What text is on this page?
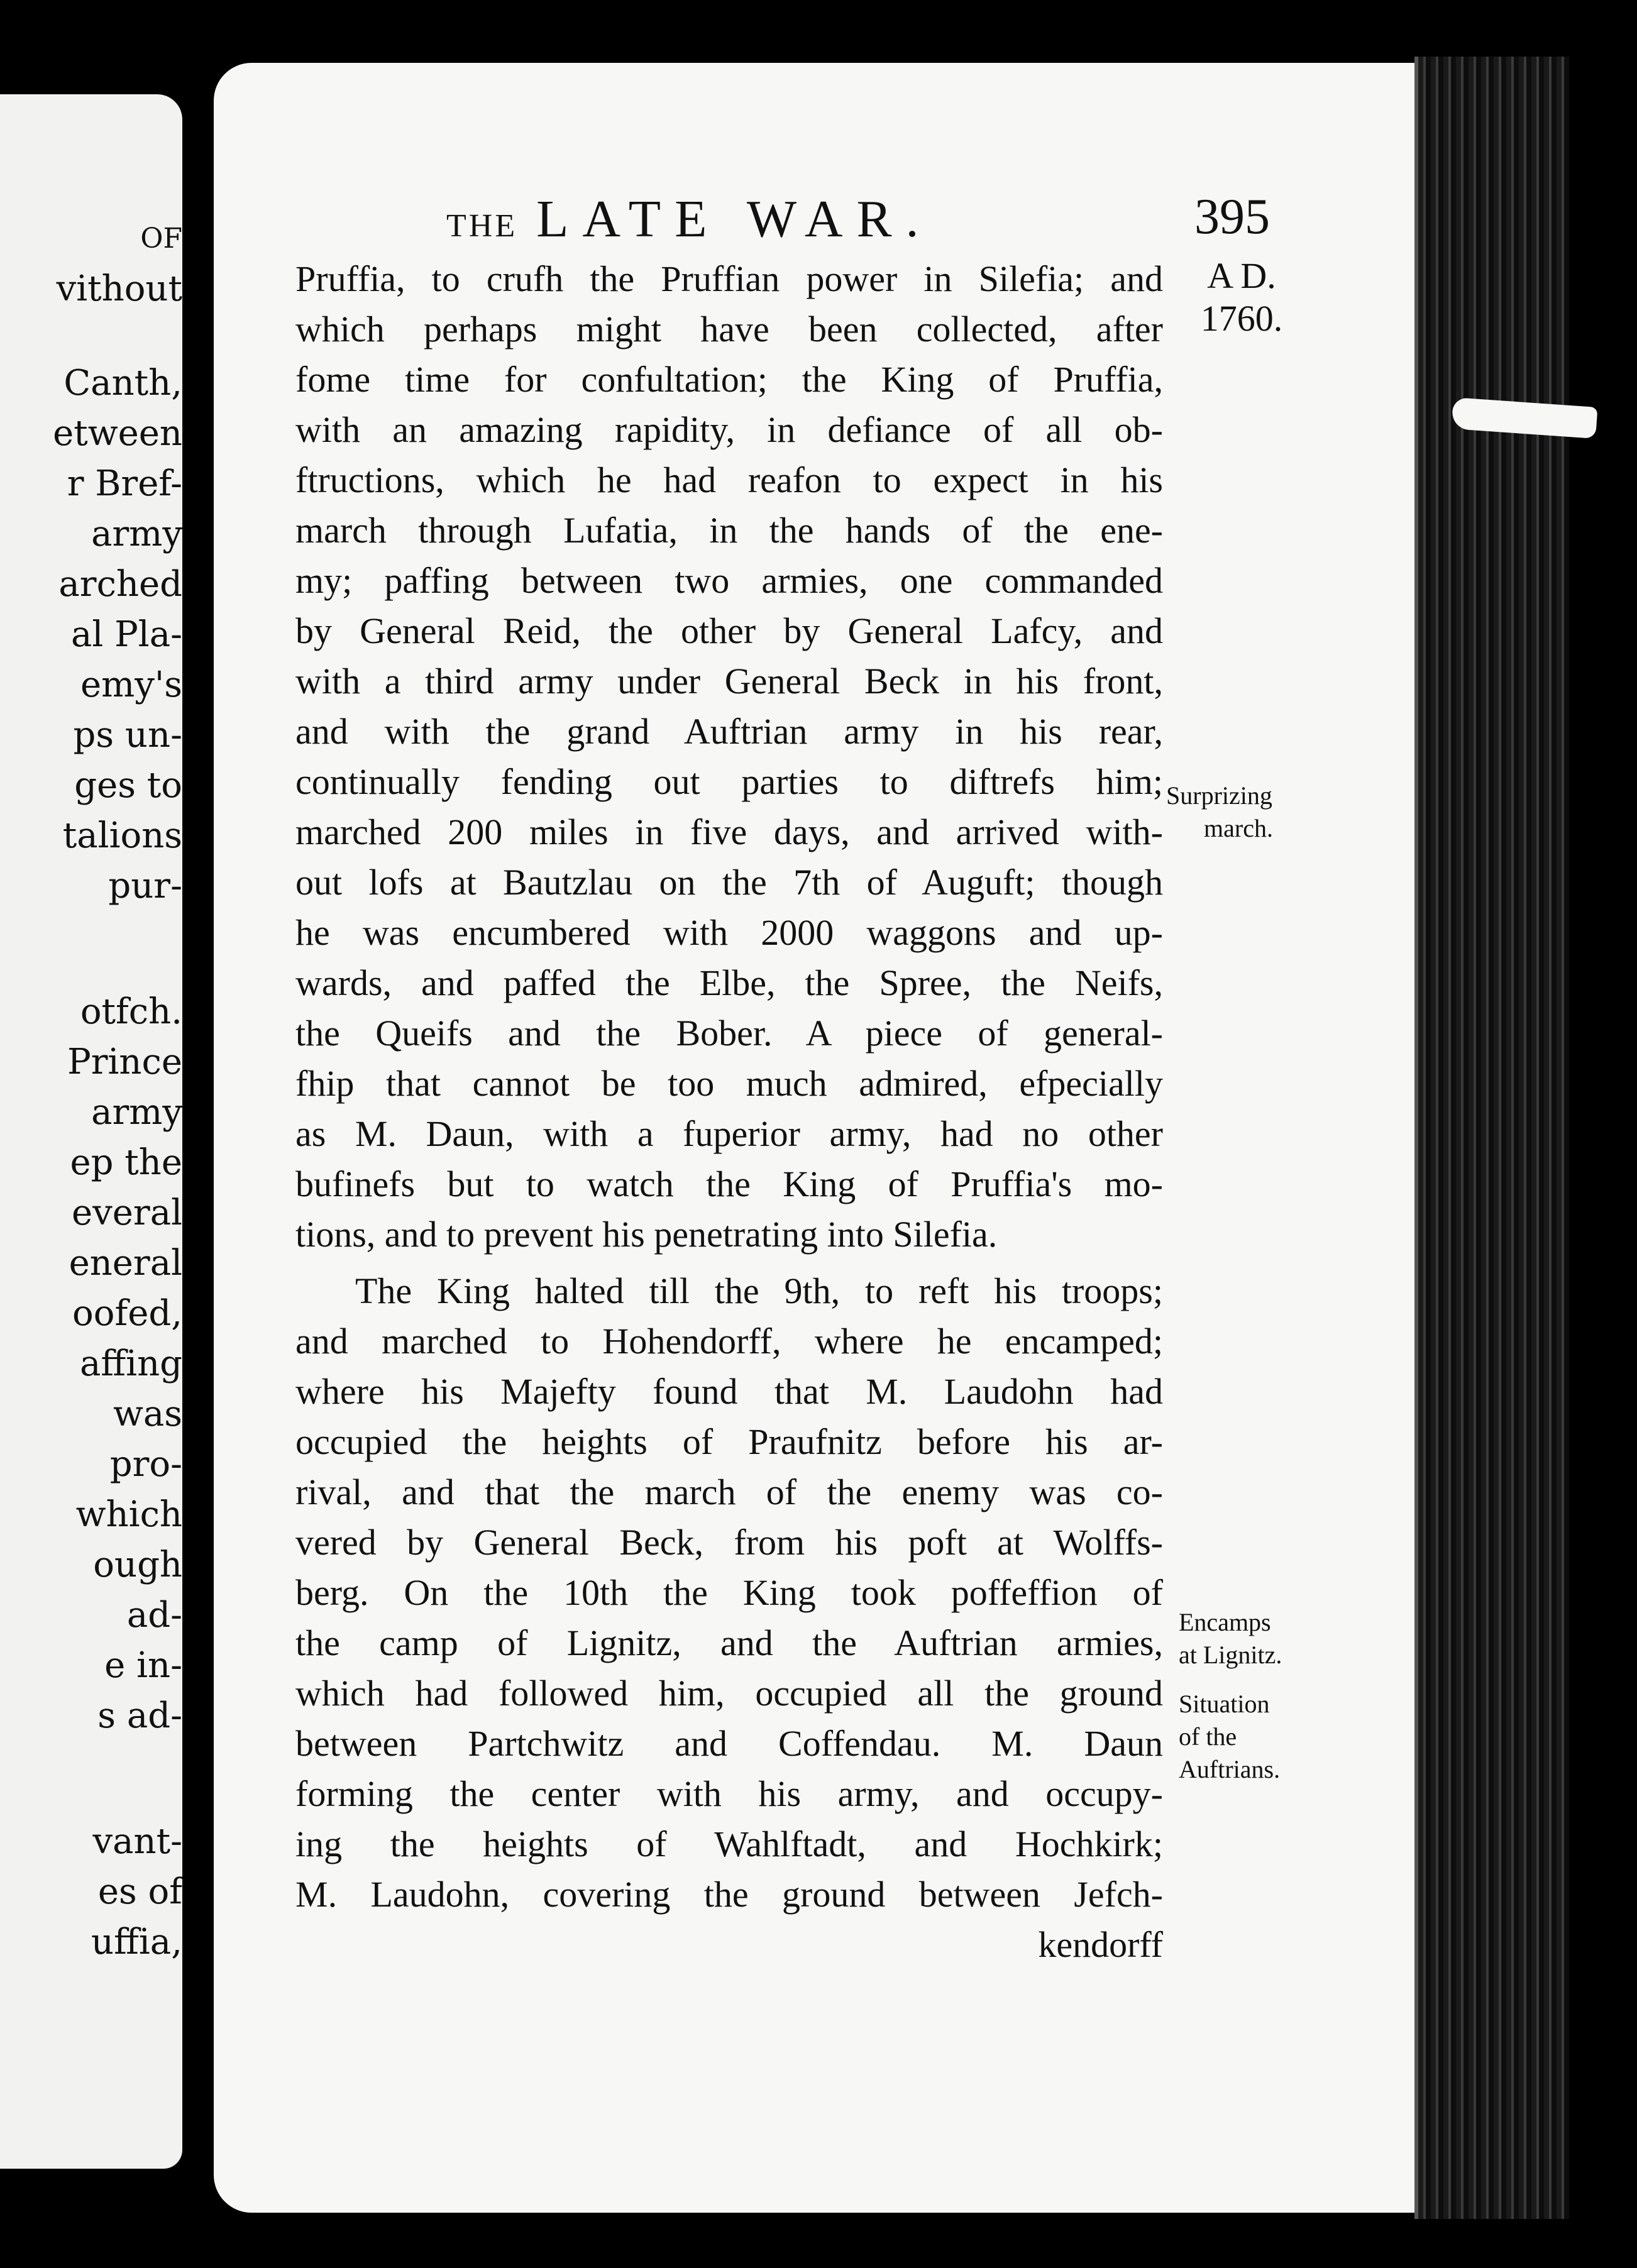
OF
vithout
Canth,
etween
r Bref-
army
arched
al Pla-
emy's
ps un-
ges to
talions
pur-
otfch.
Prince
army
ep the
everal
eneral
oofed,
affing
was
pro-
which
ough
ad-
e in-
s ad-
vant-
es of
uffia,
THE LATE WAR.	395
A D.
1760.
Pruffia, to crufh the Pruffian power in Silefia; and
which perhaps might have been collected, after
fome time for confultation; the King of Pruffia,
with an amazing rapidity, in defiance of all ob-
ftructions, which he had reafon to expect in his
march through Lufatia, in the hands of the ene-
my; paffing between two armies, one commanded
by General Reid, the other by General Lafcy, and
with a third army under General Beck in his front,
and with the grand Auftrian army in his rear,
continually fending out parties to diftrefs him;
marched 200 miles in five days, and arrived with-
out lofs at Bautzlau on the 7th of Auguft; though
he was encumbered with 2000 waggons and up-
wards, and paffed the Elbe, the Spree, the Neifs,
the Queifs and the Bober. A piece of general-
fhip that cannot be too much admired, efpecially
as M. Daun, with a fuperior army, had no other
bufinefs but to watch the King of Pruffia's mo-
tions, and to prevent his penetrating into Silefia.
The King halted till the 9th, to reft his troops;
and marched to Hohendorff, where he encamped;
where his Majefty found that M. Laudohn had
occupied the heights of Praufnitz before his ar-
rival, and that the march of the enemy was co-
vered by General Beck, from his poft at Wolffs-
berg. On the 10th the King took poffeffion of
the camp of Lignitz, and the Auftrian armies,
which had followed him, occupied all the ground
between Partchwitz and Coffendau. M. Daun
forming the center with his army, and occupy-
ing the heights of Wahlftadt, and Hochkirk;
M. Laudohn, covering the ground between Jefch-
kendorff
Surprizing
march.
Encamps
at Lignitz.
Situation
of the
Auftrians.
